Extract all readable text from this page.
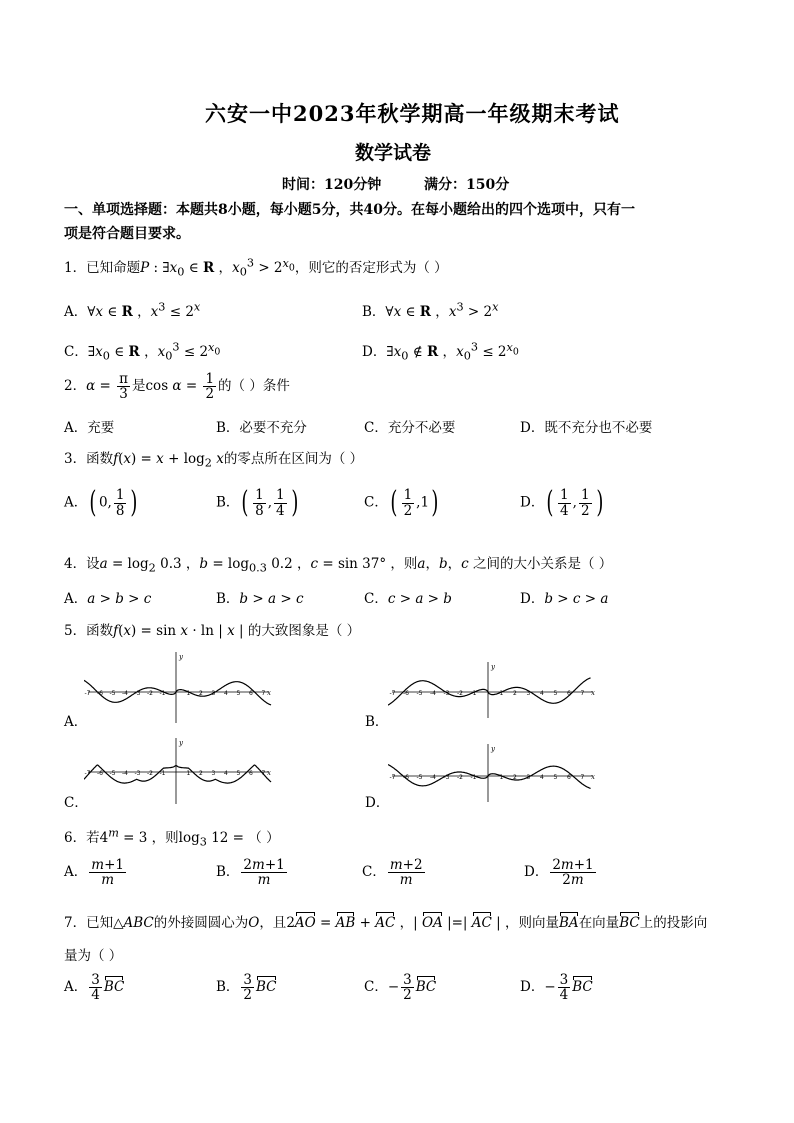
六安一中2023年秋学期高一年级期末考试
数学试卷
时间：120分钟	满分：150分
一、单项选择题：本题共8小题，每小题5分，共40分。在每小题给出的四个选项中，只有一
项是符合题目要求。
1．已知命题P : $\exists x_0$ ∈ R ，$x_0^3 > 2^{x_0}$，则它的否定形式为（ ）
A．∀x ∈ R ，$x^3 \le 2^x$	B．∀x ∈ R ，$x^3 > 2^x$
C．$\exists x_0$ ∈ R ，$x_0^3 \le 2^{x_0}$	D．$\exists x_0$ ∉ R ，$x_0^3 \le 2^{x_0}$
2．$\alpha = \frac{\pi}{3}$ 是$\cos \alpha = \frac{1}{2}$ 的（ ）条件
A．充要	B．必要不充分	C．充分不必要	D．既不充分也不必要
3．函数$f(x) = x + \log_2 x$的零点所在区间为（ ）
A．( 0, $\frac{1}{8}$ )	B．( $\frac{1}{8}$ , $\frac{1}{4}$ )	C．( $\frac{1}{2} ,1$)	D．( $\frac{1}{4}$ , $\frac{1}{2}$ )
4．设$a = \log_2 0.3$ ，$b = \log_{0.3} 0.2$ ，c = sin 37° ，则a，b，c 之间的大小关系是（ ）
A．a > b > c	B．b > a > c	C．c > a > b	D．b > c > a
5．函数f(x) = sin x · ln | x | 的大致图象是（ ）
A．	B．
C．	D．
y
x
-7 -6 -5 -4 -3 -2 -1	1 2 3 4 5 6 7
y
x
-7 -6 -5 -4 -3 -2 -1	1 2 3 4 5 6 7
y
x
-7 -6 -5 -4 -3 -2 -1	1 2 3 4 5 6 7
y
x
-7 -6 -5 -4 -3 -2 -1	1 2 3 4 5 6 7
6．若$4^m = 3$ ，则$\log_3 12$ = （ ）
A． $\frac{m+1}{m}$	B． $\frac{2m+1}{m}$	C． $\frac{m+2}{m}$	D． $\frac{2m+1}{2m}$
7．已知△ABC的外接圆圆心为O，且2AO = AB + AC ，| OA |=| AC | ，则向量BA在向量BC上的投影向
量为（ ）
A． $\frac{3}{4}$ BC	B． $\frac{3}{2}$ BC	C．− $\frac{3}{2}$ BC	D．− $\frac{3}{4}$ BC
